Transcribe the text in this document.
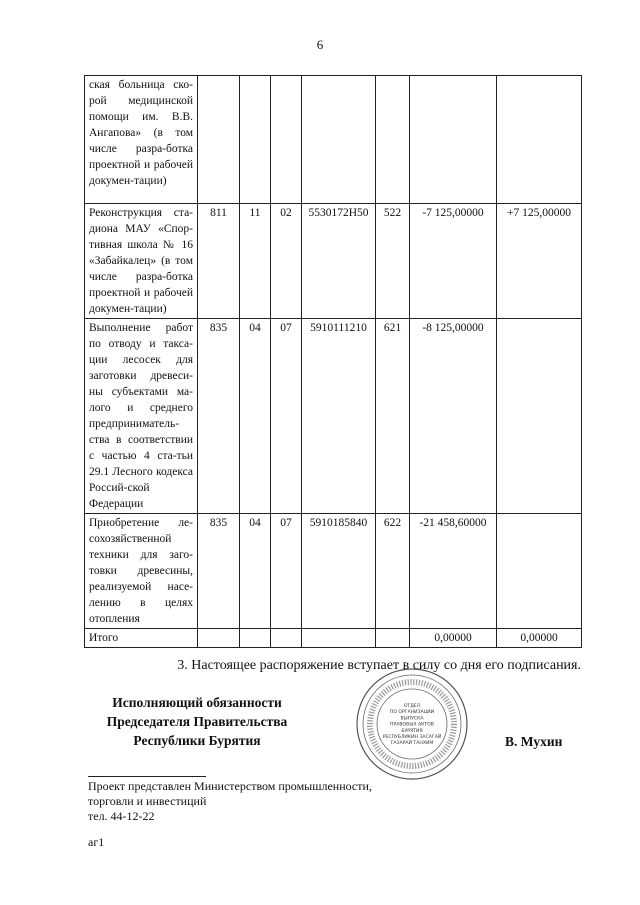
6
ская больница ско-рой медицинской помощи им. В.В. Ангапова» (в том числе разра-ботка проектной и рабочей докумен-тации)							
Реконструкция ста-диона МАУ «Спор-тивная школа № 16 «Забайкалец» (в том числе разра-ботка проектной и рабочей докумен-тации)	811	11	02	5530172Н50	522	-7 125,00000	+7 125,00000
Выполнение работ по отводу и такса-ции лесосек для заготовки древеси-ны субъектами ма-лого и среднего предприниматель-ства в соответствии с частью 4 ста-тьи 29.1 Лесного кодекса Россий-ской Федерации	835	04	07	5910111210	621	-8 125,00000	
Приобретение ле-сохозяйственной техники для заго-товки древесины, реализуемой насе-лению в целях отопления	835	04	07	5910185840	622	-21 458,60000	
Итого						0,00000	0,00000
3. Настоящее распоряжение вступает в силу со дня его подписания.
Исполняющий обязанности
Председателя Правительства
Республики Бурятия
ОТДЕЛ
ПО ОРГАНИЗАЦИИ
ВЫПУСКА
ПРАВОВЫХ АКТОВ
БУРЯТИЯ
РЕСПУБЛИКИН ЗАСАГАЙ
ГАЗАРАЙ ТАНХИМ	В. Мухин
Проект представлен Министерством промышленности,
торговли и инвестиций
тел. 44-12-22
аг1
